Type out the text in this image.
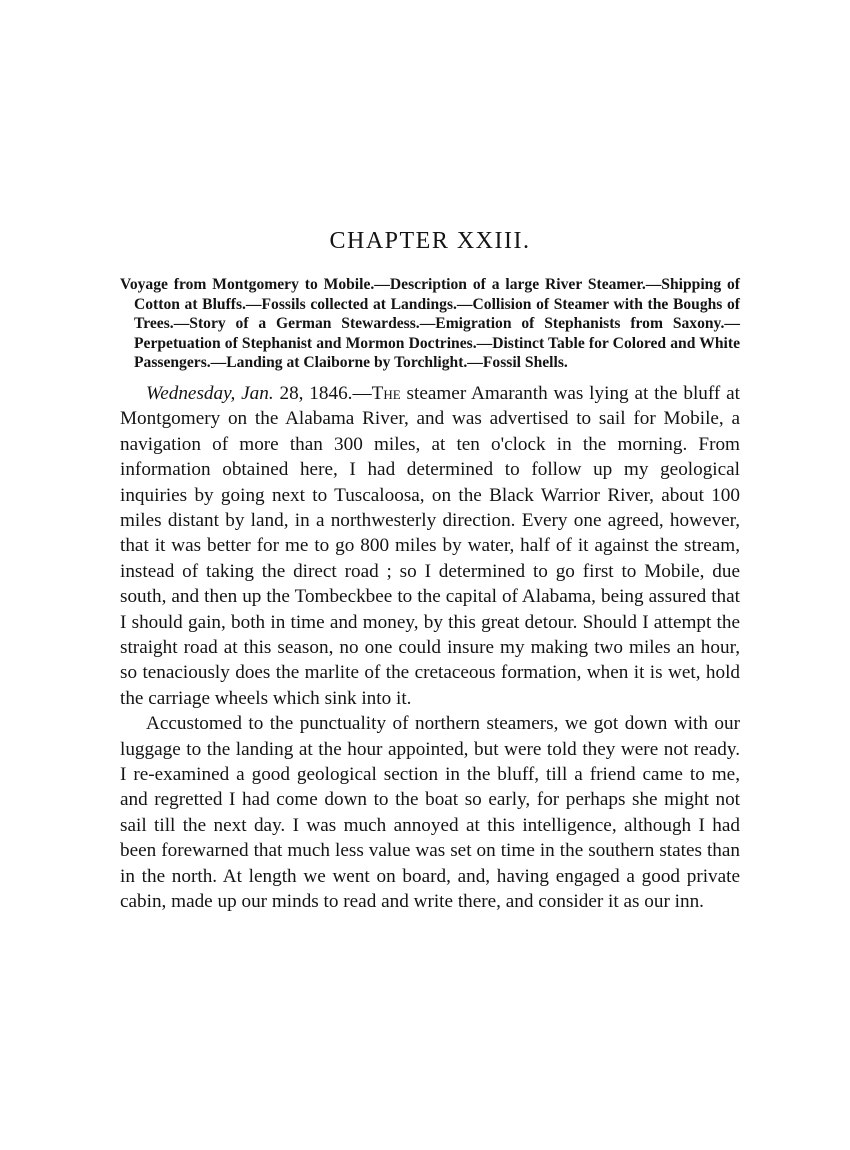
CHAPTER XXIII.

Voyage from Montgomery to Mobile.—Description of a large River Steamer.—Shipping of Cotton at Bluffs.—Fossils collected at Landings.—Collision of Steamer with the Boughs of Trees.—Story of a German Stewardess.—Emigration of Stephanists from Saxony.—Perpetuation of Stephanist and Mormon Doctrines.—Distinct Table for Colored and White Passengers.—Landing at Claiborne by Torchlight.—Fossil Shells.

Wednesday, Jan. 28, 1846.—The steamer Amaranth was lying at the bluff at Montgomery on the Alabama River, and was advertised to sail for Mobile, a navigation of more than 300 miles, at ten o'clock in the morning. From information obtained here, I had determined to follow up my geological inquiries by going next to Tuscaloosa, on the Black Warrior River, about 100 miles distant by land, in a northwesterly direction. Every one agreed, however, that it was better for me to go 800 miles by water, half of it against the stream, instead of taking the direct road ; so I determined to go first to Mobile, due south, and then up the Tombeckbee to the capital of Alabama, being assured that I should gain, both in time and money, by this great detour. Should I attempt the straight road at this season, no one could insure my making two miles an hour, so tenaciously does the marlite of the cretaceous formation, when it is wet, hold the carriage wheels which sink into it.

Accustomed to the punctuality of northern steamers, we got down with our luggage to the landing at the hour appointed, but were told they were not ready. I re-examined a good geological section in the bluff, till a friend came to me, and regretted I had come down to the boat so early, for perhaps she might not sail till the next day. I was much annoyed at this intelligence, although I had been forewarned that much less value was set on time in the southern states than in the north. At length we went on board, and, having engaged a good private cabin, made up our minds to read and write there, and consider it as our inn.
